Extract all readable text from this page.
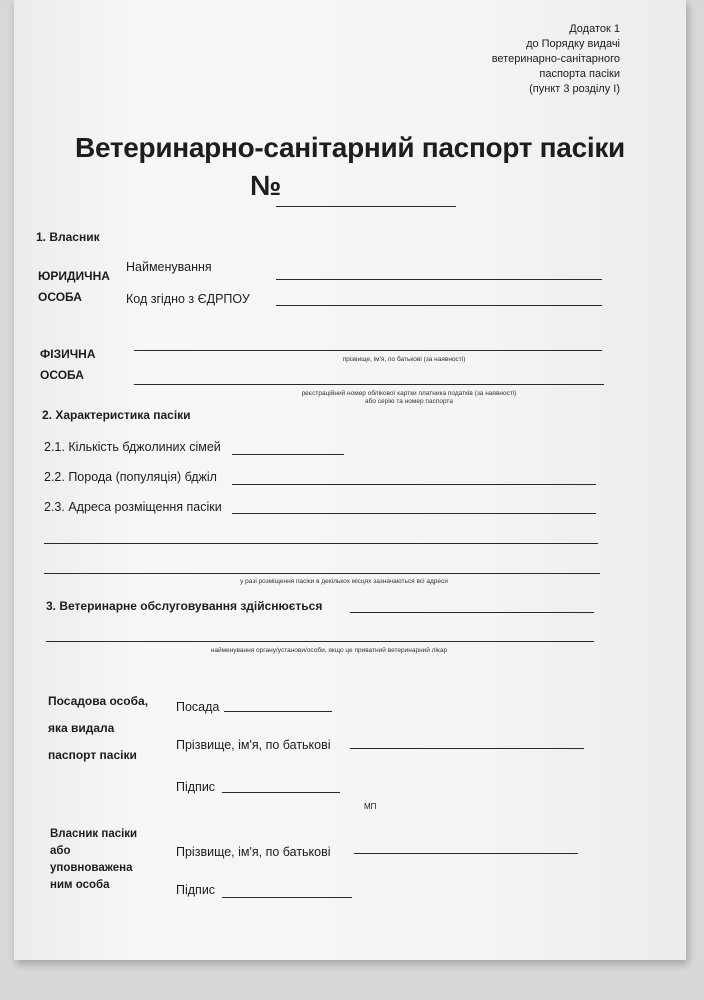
Додаток 1
до Порядку видачі
ветеринарно-санітарного
паспорта пасіки
(пункт 3 розділу I)
Ветеринарно-санітарний паспорт пасіки
№
1. Власник
ЮРИДИЧНА
ОСОБА
Найменування
Код згідно з ЄДРПОУ
ФІЗИЧНА
ОСОБА
прізвище, ім'я, по батькові (за наявності)
реєстраційний номер облікової картки платника податків (за наявності)
або серію та номер паспорта
2. Характеристика пасіки
2.1. Кількість бджолиних сімей
2.2. Порода (популяція) бджіл
2.3. Адреса розміщення пасіки
у разі розміщення пасіки в декількох місцях зазначаються всі адреси
3. Ветеринарне обслуговування здійснюється
найменування органу/установи/особи, якщо це приватний ветеринарний лікар
Посадова особа,
яка видала
паспорт пасіки
Посада
Прізвище, ім'я, по батькові
Підпис
МП
Власник пасіки
або
уповноважена
ним особа
Прізвище, ім'я, по батькові
Підпис
